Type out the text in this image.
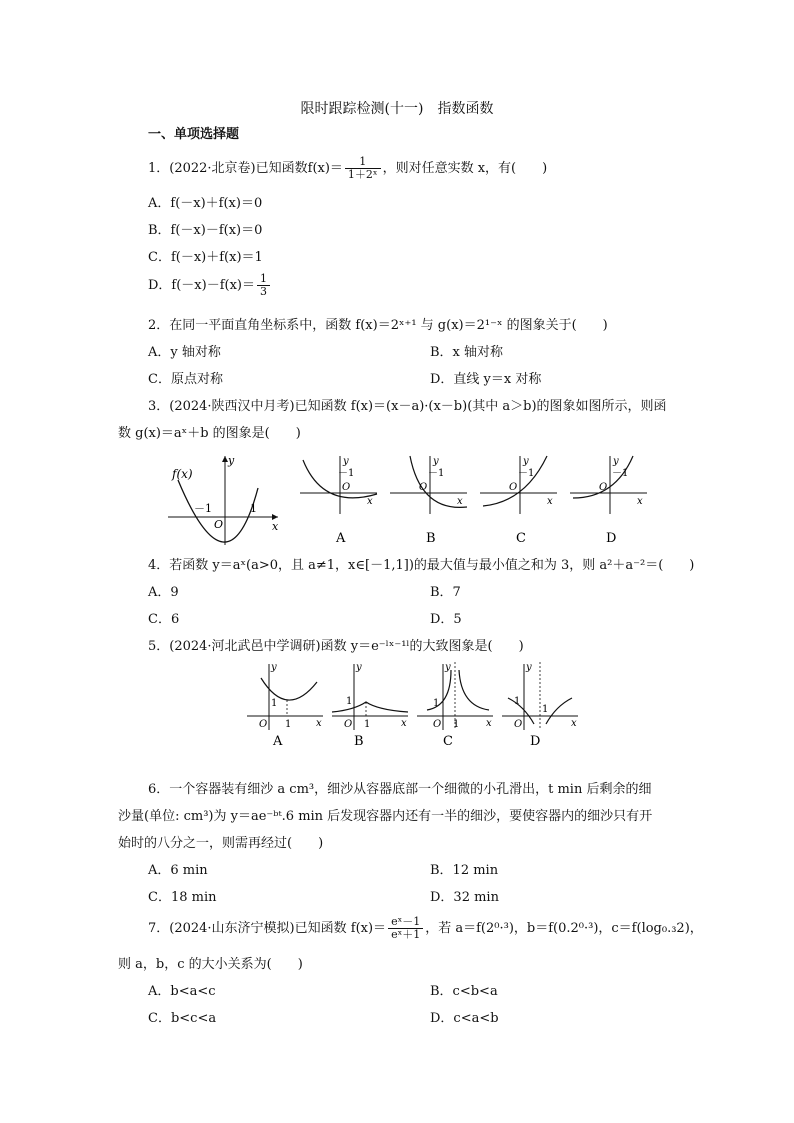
限时跟踪检测(十一)　指数函数
一、单项选择题
1．(2022·北京卷)已知函数$f(x)= \frac{1}{\text{1＋2ˣ}}$ ，则对任意实数 x，有(　　)
A．f(－x)＋f(x)＝0
B．f(－x)－f(x)＝0
C．f(－x)＋f(x)＝1
D．$f(-x)-f(x)= \frac{1}{3}$
2．在同一平面直角坐标系中，函数 f(x)＝2ˣ⁺¹ 与 g(x)＝2¹⁻ˣ 的图象关于(　　)
A．y 轴对称	B．x 轴对称
C．原点对称	D．直线 y＝x 对称
3．(2024·陕西汉中月考)已知函数 f(x)＝(x－a)·(x－b)(其中 a＞b)的图象如图所示，则函
数 g(x)＝aˣ＋b 的图象是(　　)
f(x)
y
x
－1	1
O
y
x
－1
O
A
y
x
－1
O
B
y
x
－1
O
C
y
x
－1
O
D
4．若函数 y＝aˣ(a>0，且 a≠1，x∈[－1,1])的最大值与最小值之和为 3，则 a²＋a⁻²＝(　　)
A．9	B．7
C．6	D．5
5．(2024·河北武邑中学调研)函数 y＝e⁻ˡˣ⁻¹ˡ的大致图象是(　　)
y
x
1
1
O
A
y
x
1
1
O
B
y
x
1
1
O
C
y
x
1
1
O
D
6．一个容器装有细沙 a cm³，细沙从容器底部一个细微的小孔滑出，t min 后剩余的细
沙量(单位: cm³)为 y＝ae⁻ᵇᵗ.6 min 后发现容器内还有一半的细沙，要使容器内的细沙只有开
始时的八分之一，则需再经过(　　)
A．6 min	B．12 min
C．18 min	D．32 min
7．(2024·山东济宁模拟)已知函数 $f(x)= \frac{\text{eˣ－1}}{\text{eˣ＋1}}$ ，若 a＝f(2⁰·³)，b＝f(0.2⁰·³)，c＝f(log₀.₃2)，
则 a，b，c 的大小关系为(　　)
A．b<a<c	B．c<b<a
C．b<c<a	D．c<a<b
